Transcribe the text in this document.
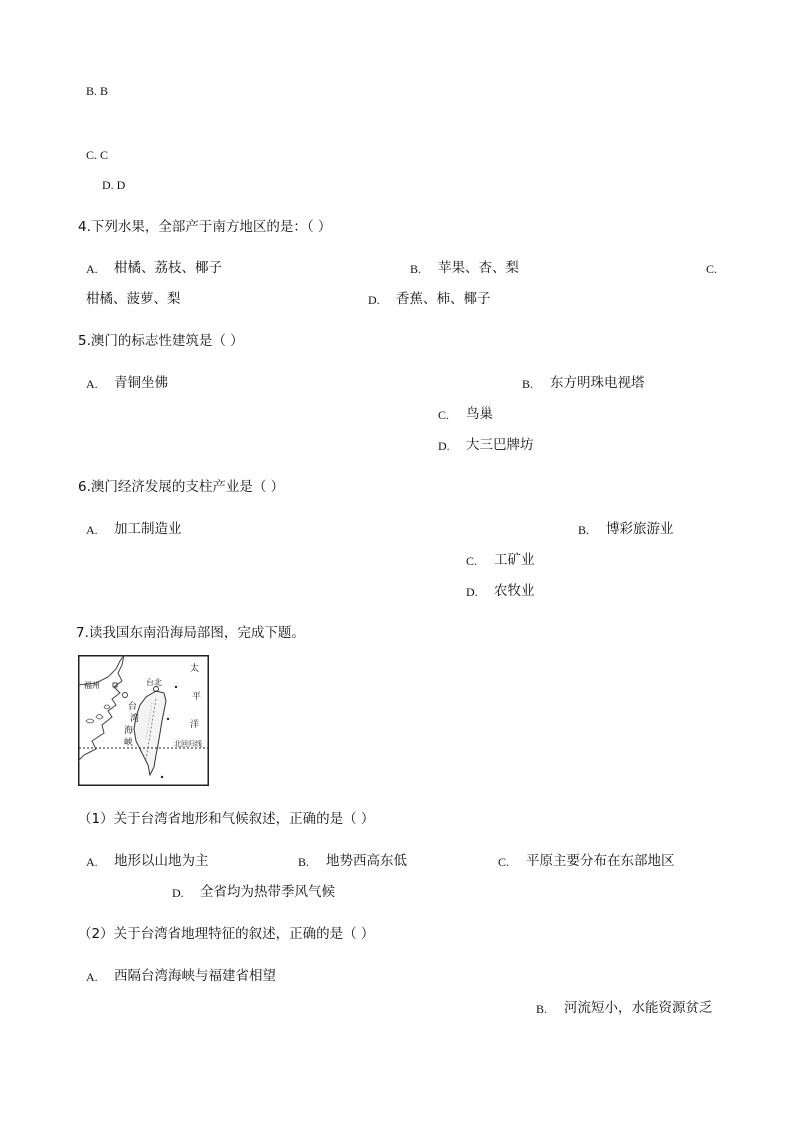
B. B
C. C
D. D
4.下列水果，全部产于南方地区的是：（ ）
A. 柑橘、荔枝、椰子	B. 苹果、杏、梨	C.
柑橘、菠萝、梨	D. 香蕉、柿、椰子
5.澳门的标志性建筑是（ ）
A. 青铜坐佛	B. 东方明珠电视塔
C. 鸟巢
D. 大三巴牌坊
6.澳门经济发展的支柱产业是（ ）
A. 加工制造业	B. 博彩旅游业
C. 工矿业
D. 农牧业
7.读我国东南沿海局部图，完成下题。
福州	台北
台
湾
海
峡
太
平
洋
北回归线
（1）关于台湾省地形和气候叙述，正确的是（ ）
A. 地形以山地为主	B. 地势西高东低	C. 平原主要分布在东部地区
D. 全省均为热带季风气候
（2）关于台湾省地理特征的叙述，正确的是（ ）
A. 西隔台湾海峡与福建省相望
B. 河流短小，水能资源贫乏
